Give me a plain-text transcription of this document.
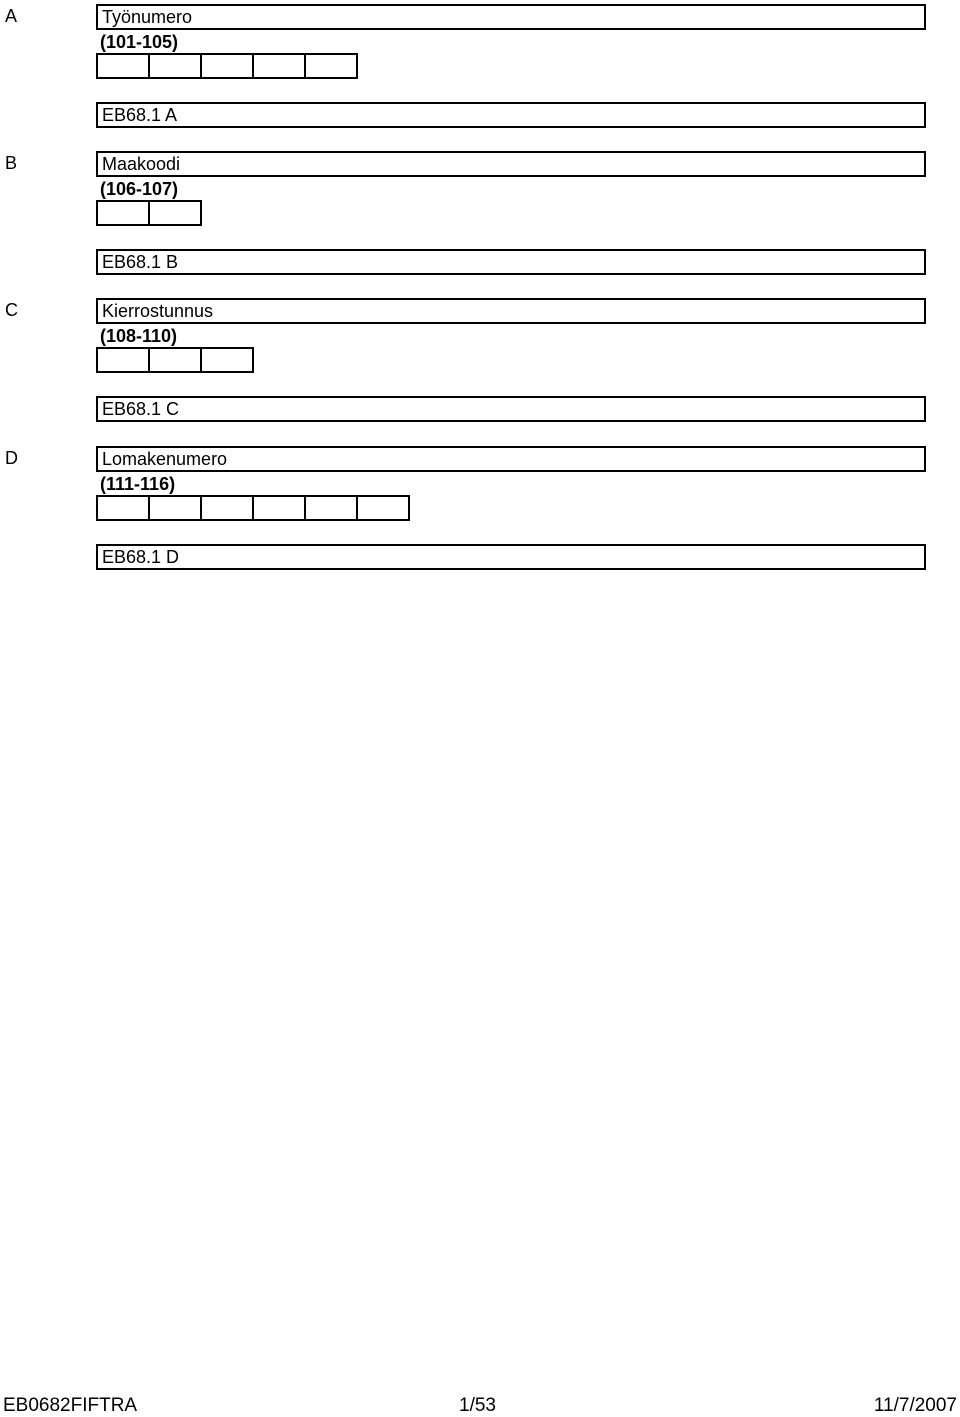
A	Työnumero
(101-105)
EB68.1 A
B	Maakoodi
(106-107)
EB68.1 B
C	Kierrostunnus
(108-110)
EB68.1 C
D	Lomakenumero
(111-116)
EB68.1 D
EB0682FIFTRA	1/53	11/7/2007
